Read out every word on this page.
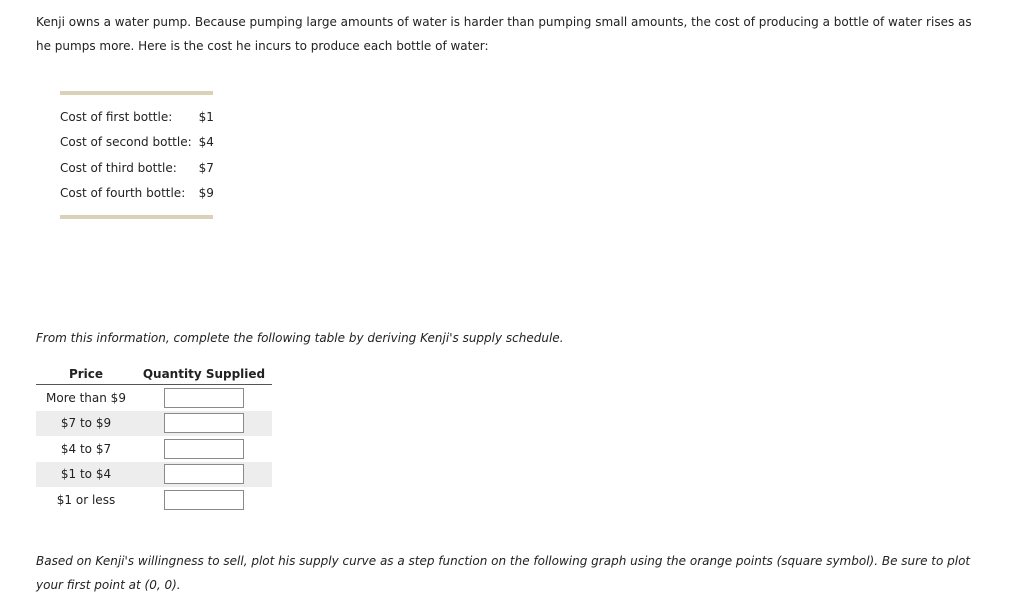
Kenji owns a water pump. Because pumping large amounts of water is harder than pumping small amounts, the cost of producing a bottle of water rises as he pumps more. Here is the cost he incurs to produce each bottle of water:
Cost of first bottle:	$1
Cost of second bottle:	$4
Cost of third bottle:	$7
Cost of fourth bottle:	$9
From this information, complete the following table by deriving Kenji's supply schedule.
Price	Quantity Supplied
More than $9	

$7 to $9	

$4 to $7	

$1 to $4	

$1 or less	
Based on Kenji's willingness to sell, plot his supply curve as a step function on the following graph using the orange points (square symbol). Be sure to plot your first point at (0, 0).
